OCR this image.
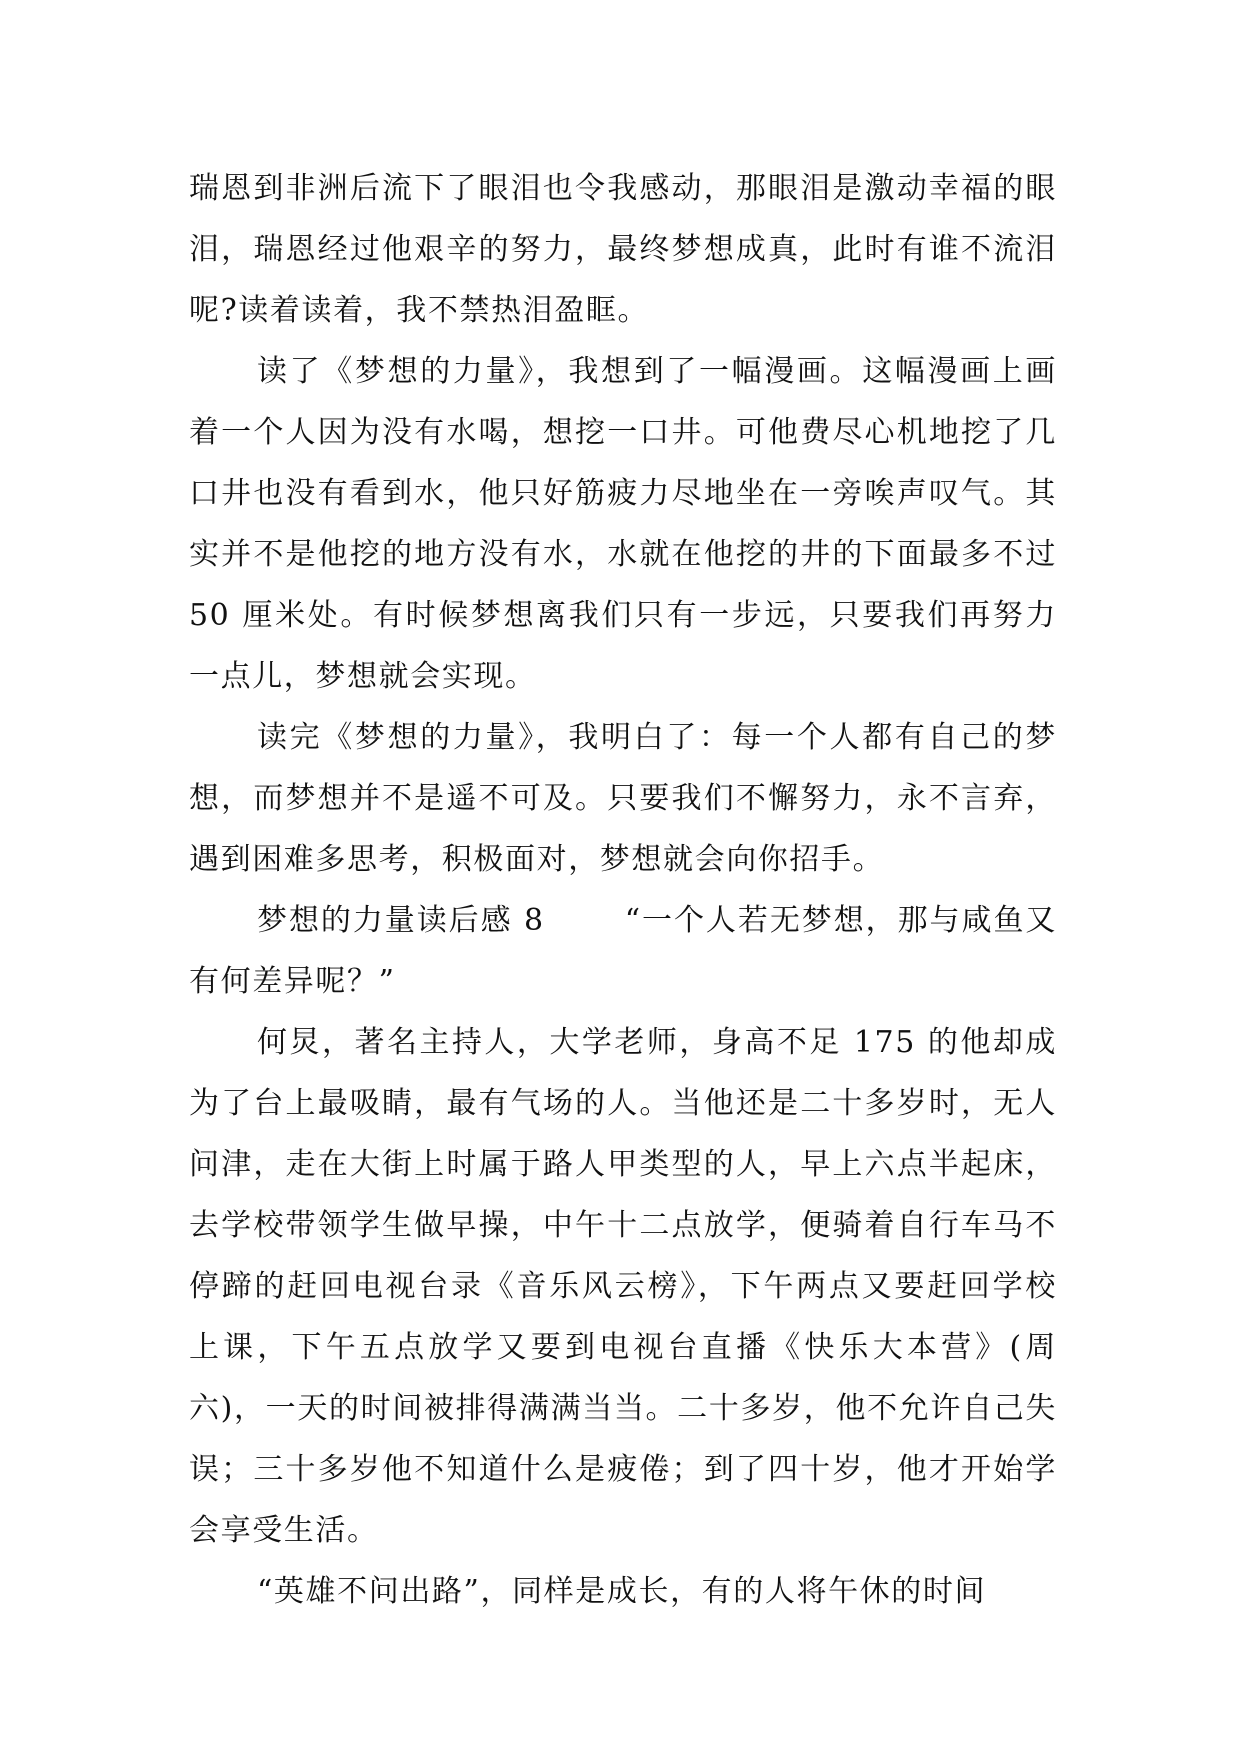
瑞恩到非洲后流下了眼泪也令我感动，那眼泪是激动幸福的眼泪，瑞恩经过他艰辛的努力，最终梦想成真，此时有谁不流泪呢?读着读着，我不禁热泪盈眶。

读了《梦想的力量》，我想到了一幅漫画。这幅漫画上画着一个人因为没有水喝，想挖一口井。可他费尽心机地挖了几口井也没有看到水，他只好筋疲力尽地坐在一旁唉声叹气。其实并不是他挖的地方没有水，水就在他挖的井的下面最多不过 50 厘米处。有时候梦想离我们只有一步远，只要我们再努力一点儿，梦想就会实现。

读完《梦想的力量》，我明白了：每一个人都有自己的梦想，而梦想并不是遥不可及。只要我们不懈努力，永不言弃，遇到困难多思考，积极面对，梦想就会向你招手。

梦想的力量读后感 8	“一个人若无梦想，那与咸鱼又有何差异呢？”

何炅，著名主持人，大学老师，身高不足 175 的他却成为了台上最吸睛，最有气场的人。当他还是二十多岁时，无人问津，走在大街上时属于路人甲类型的人，早上六点半起床，去学校带领学生做早操，中午十二点放学，便骑着自行车马不停蹄的赶回电视台录《音乐风云榜》，下午两点又要赶回学校上课，下午五点放学又要到电视台直播《快乐大本营》(周六)，一天的时间被排得满满当当。二十多岁，他不允许自己失误；三十多岁他不知道什么是疲倦；到了四十岁，他才开始学会享受生活。

“英雄不问出路”，同样是成长，有的人将午休的时间
